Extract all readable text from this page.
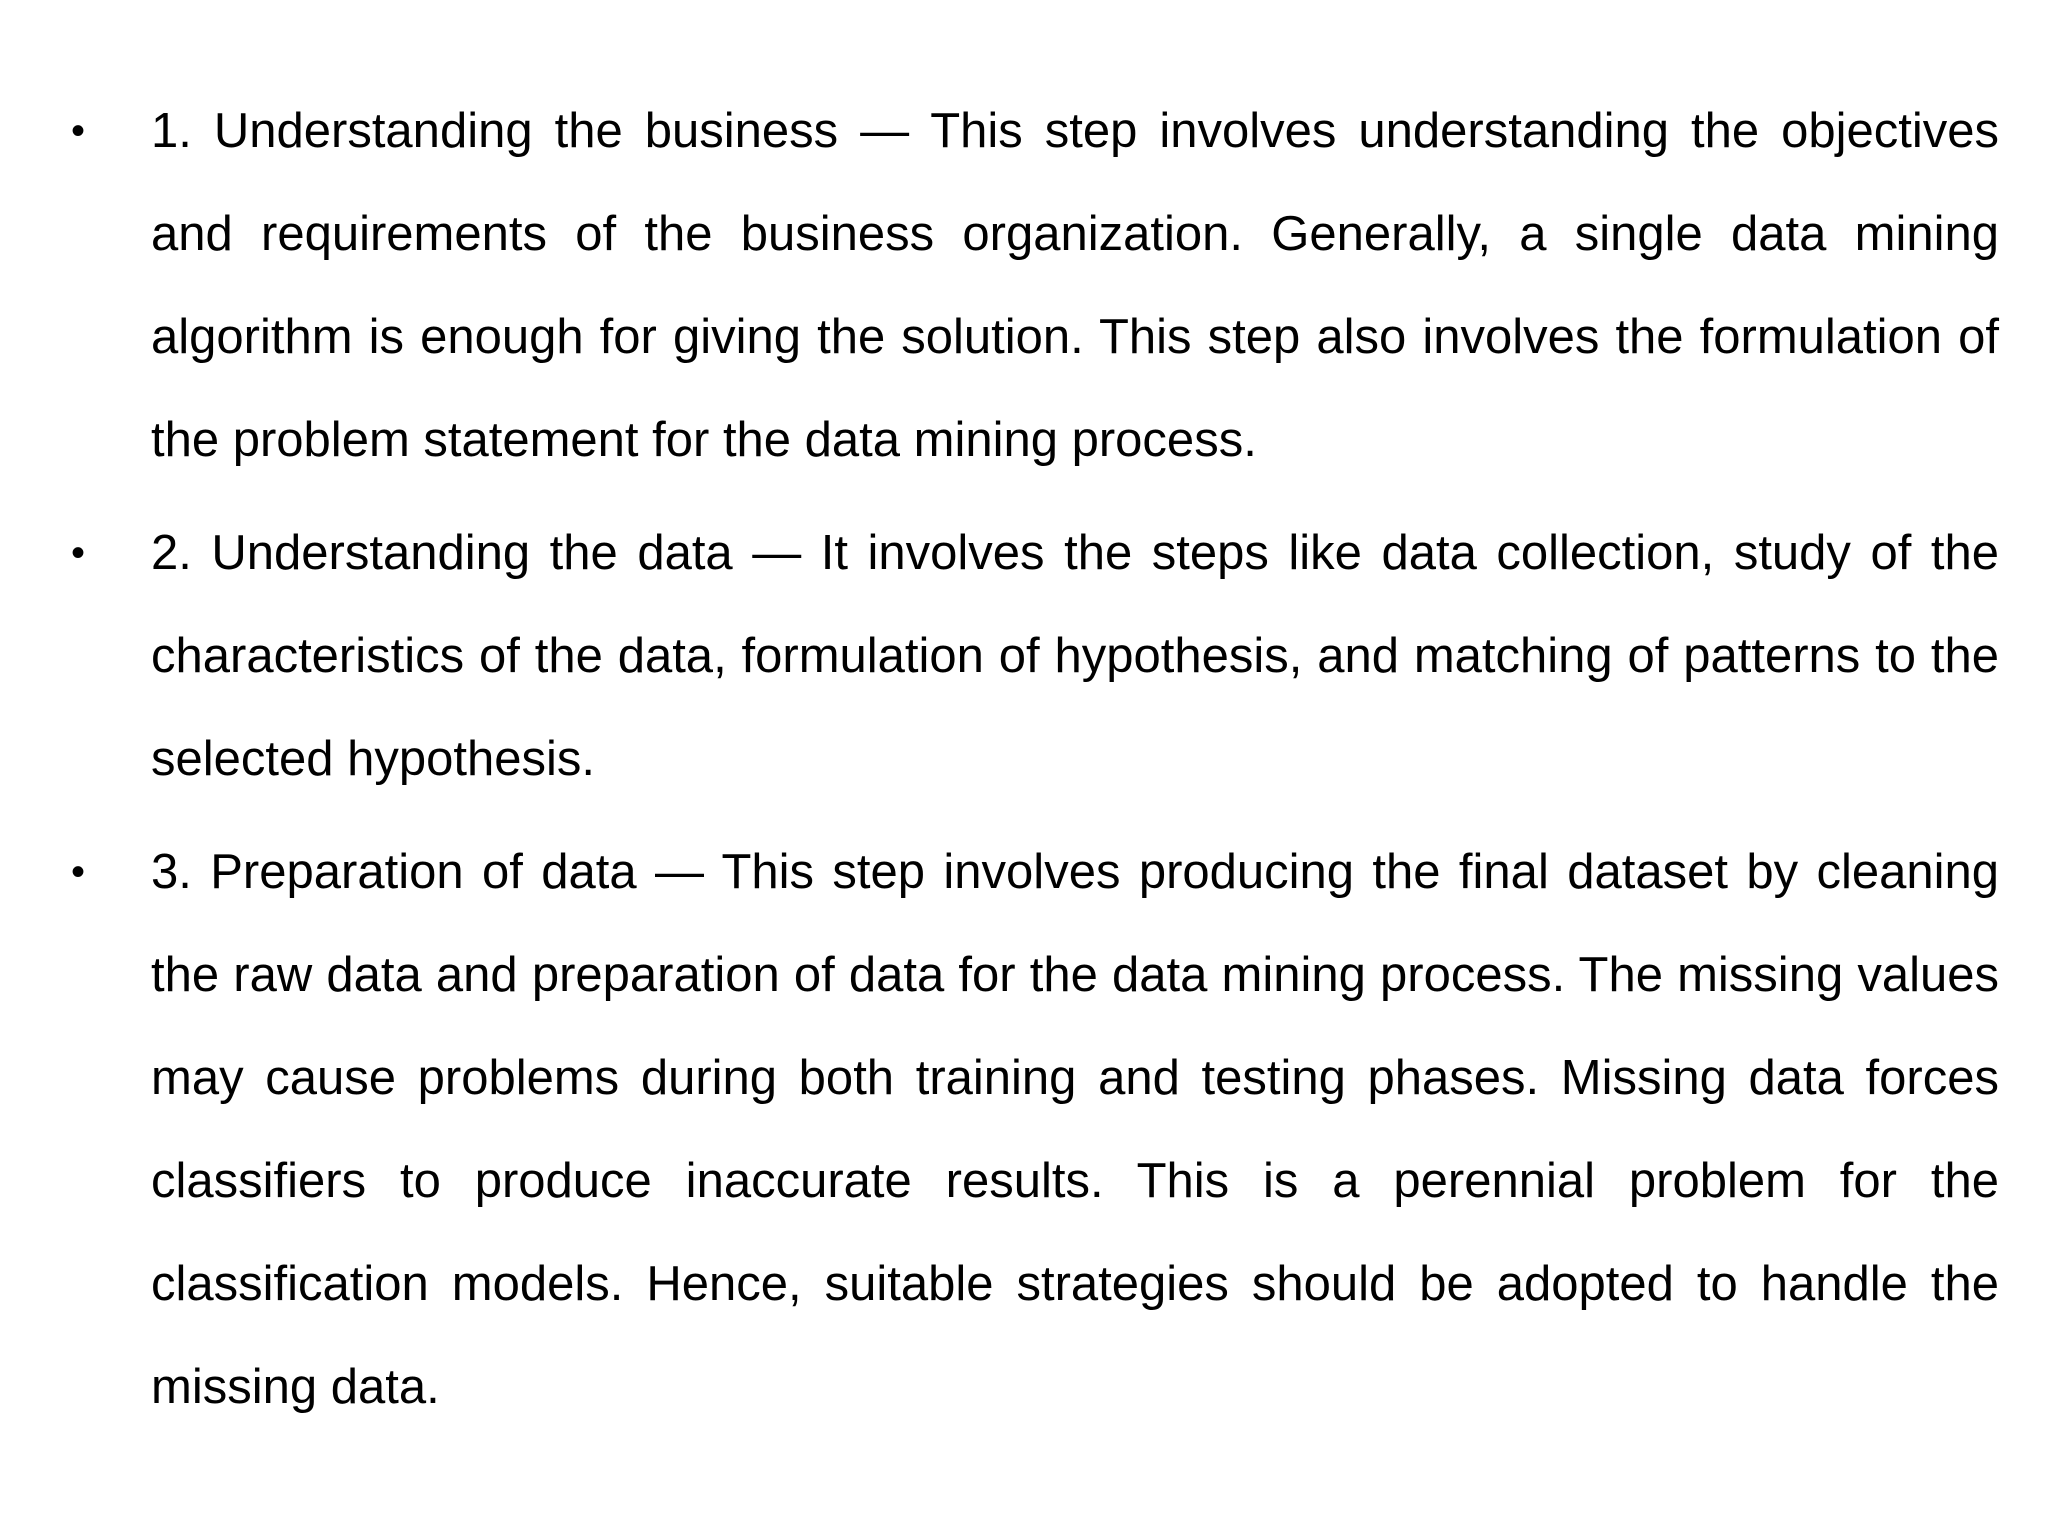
• 1. Understanding the business — This step involves understanding the objectives and requirements of the business organization. Generally, a single data mining algorithm is enough for giving the solution. This step also involves the formulation of the problem statement for the data mining process.
• 2. Understanding the data — It involves the steps like data collection, study of the characteristics of the data, formulation of hypothesis, and matching of patterns to the selected hypothesis.
• 3. Preparation of data — This step involves producing the final dataset by cleaning the raw data and preparation of data for the data mining process. The missing values may cause problems during both training and testing phases. Missing data forces classifiers to produce inaccurate results. This is a perennial problem for the classification models. Hence, suitable strategies should be adopted to handle the missing data.
